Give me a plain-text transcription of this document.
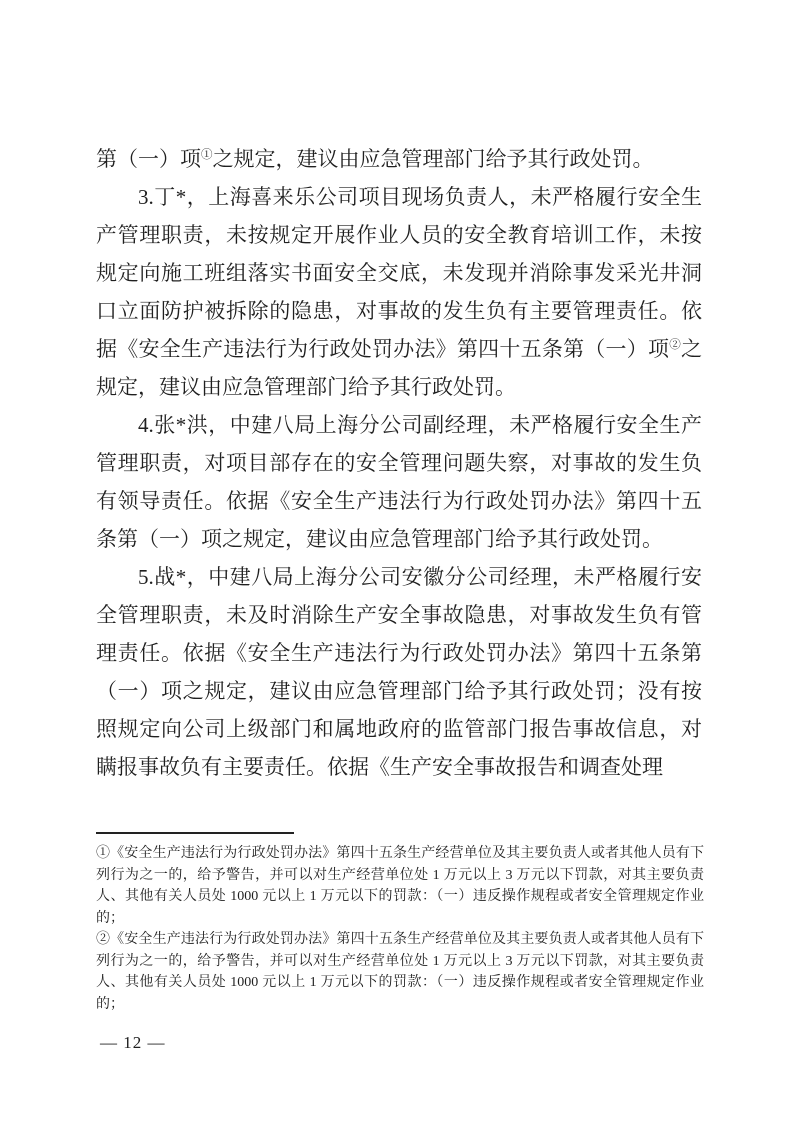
第（一）项①之规定，建议由应急管理部门给予其行政处罚。

3.丁*，上海喜来乐公司项目现场负责人，未严格履行安全生产管理职责，未按规定开展作业人员的安全教育培训工作，未按规定向施工班组落实书面安全交底，未发现并消除事发采光井洞口立面防护被拆除的隐患，对事故的发生负有主要管理责任。依据《安全生产违法行为行政处罚办法》第四十五条第（一）项②之规定，建议由应急管理部门给予其行政处罚。

4.张*洪，中建八局上海分公司副经理，未严格履行安全生产管理职责，对项目部存在的安全管理问题失察，对事故的发生负有领导责任。依据《安全生产违法行为行政处罚办法》第四十五条第（一）项之规定，建议由应急管理部门给予其行政处罚。

5.战*，中建八局上海分公司安徽分公司经理，未严格履行安全管理职责，未及时消除生产安全事故隐患，对事故发生负有管理责任。依据《安全生产违法行为行政处罚办法》第四十五条第（一）项之规定，建议由应急管理部门给予其行政处罚；没有按照规定向公司上级部门和属地政府的监管部门报告事故信息，对瞒报事故负有主要责任。依据《生产安全事故报告和调查处理

①《安全生产违法行为行政处罚办法》第四十五条生产经营单位及其主要负责人或者其他人员有下列行为之一的，给予警告，并可以对生产经营单位处 1 万元以上 3 万元以下罚款，对其主要负责人、其他有关人员处 1000 元以上 1 万元以下的罚款：（一）违反操作规程或者安全管理规定作业的；

②《安全生产违法行为行政处罚办法》第四十五条生产经营单位及其主要负责人或者其他人员有下列行为之一的，给予警告，并可以对生产经营单位处 1 万元以上 3 万元以下罚款，对其主要负责人、其他有关人员处 1000 元以上 1 万元以下的罚款：（一）违反操作规程或者安全管理规定作业的；

— 12 —
